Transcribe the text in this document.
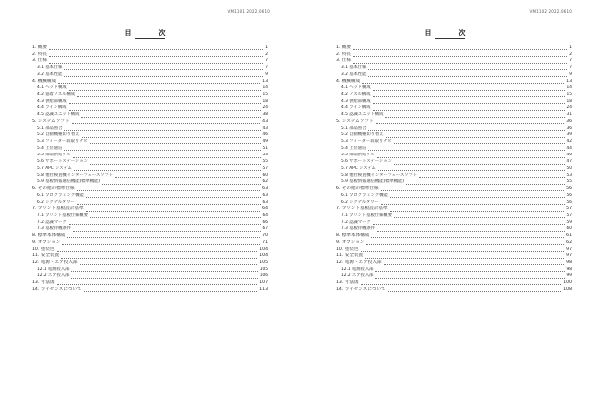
VM1101 2022.0610
目　次
1. 概要	1
2. 特長	2
3. 仕様	7
3.1 基本仕様	7
3.2 基本性能	9
4. 機械構成	13
4.1 ヘッド構成	14
4.2 協着ノズル構成	15
4.3 供給部構成	18
4.4 ライン構成	24
4.5 認識ユニット構成	38
5. システムソフト	43
5.1 部品照合	43
5.2 自動機種切り替え	46
5.3 フィーダー段取りナビ	49
5.4 上位通信	51
5.5 部品供給ナビ	53
5.6 サポートステーション	55
5.7 APC システム	57
5.8 他社検査機インターフェースソフト	60
5.9 基板情報通信機能(標準機能)	62
6. その他の標準仕様	63
6.1 プログラミング機能	63
6.2 シグナルタワー	63
7. プリント基板設計基準	64
7.1 プリント基板仕様概要	64
7.2 認識マーク	66
7.3 基板待機条件	67
8. 標準本体構成	70
9. オプション	71
10. 塗装色	104
11. 安全装置	104
12. 電源・エア投入部	105
12.1 電源投入部	105
12.2 エア投入部	106
13. 寸法図	107
14. ライセンスについて	113
VM1102 2022.0610
目　次
1. 概要	1
2. 特長	2
3. 仕様	7
3.1 基本仕様	7
3.2 基本性能	9
4. 機械構成	13
4.1 ヘッド構成	14
4.2 ノズル構成	15
4.3 供給部構成	18
4.4 ライン構成	24
4.5 認識ユニット構成	31
5. システムソフト	36
5.1 部品照合	36
5.2 自動機種切り替え	39
5.3 フィーダー段取りナビ	42
5.4 上位通信	44
5.5 部品供給ナビ	46
5.6 サポートステーション	47
5.7 APC システム	50
5.8 他社検査機インターフェースソフト	53
5.9 基板情報通信機能(標準機能)	55
6. その他の標準仕様	56
6.1 プログラミング機能	56
6.2 シグナルタワー	56
7. プリント基板設計基準	57
7.1 プリント基板仕様概要	57
7.2 認識マーク	59
7.3 基板待機条件	60
8. 標準本体構成	61
9. オプション	62
10. 塗装色	97
11. 安全装置	97
12. 電源・エア投入部	98
12.1 電源投入部	98
12.2 エア投入部	99
13. 寸法図	100
14. ライセンスについて	108
